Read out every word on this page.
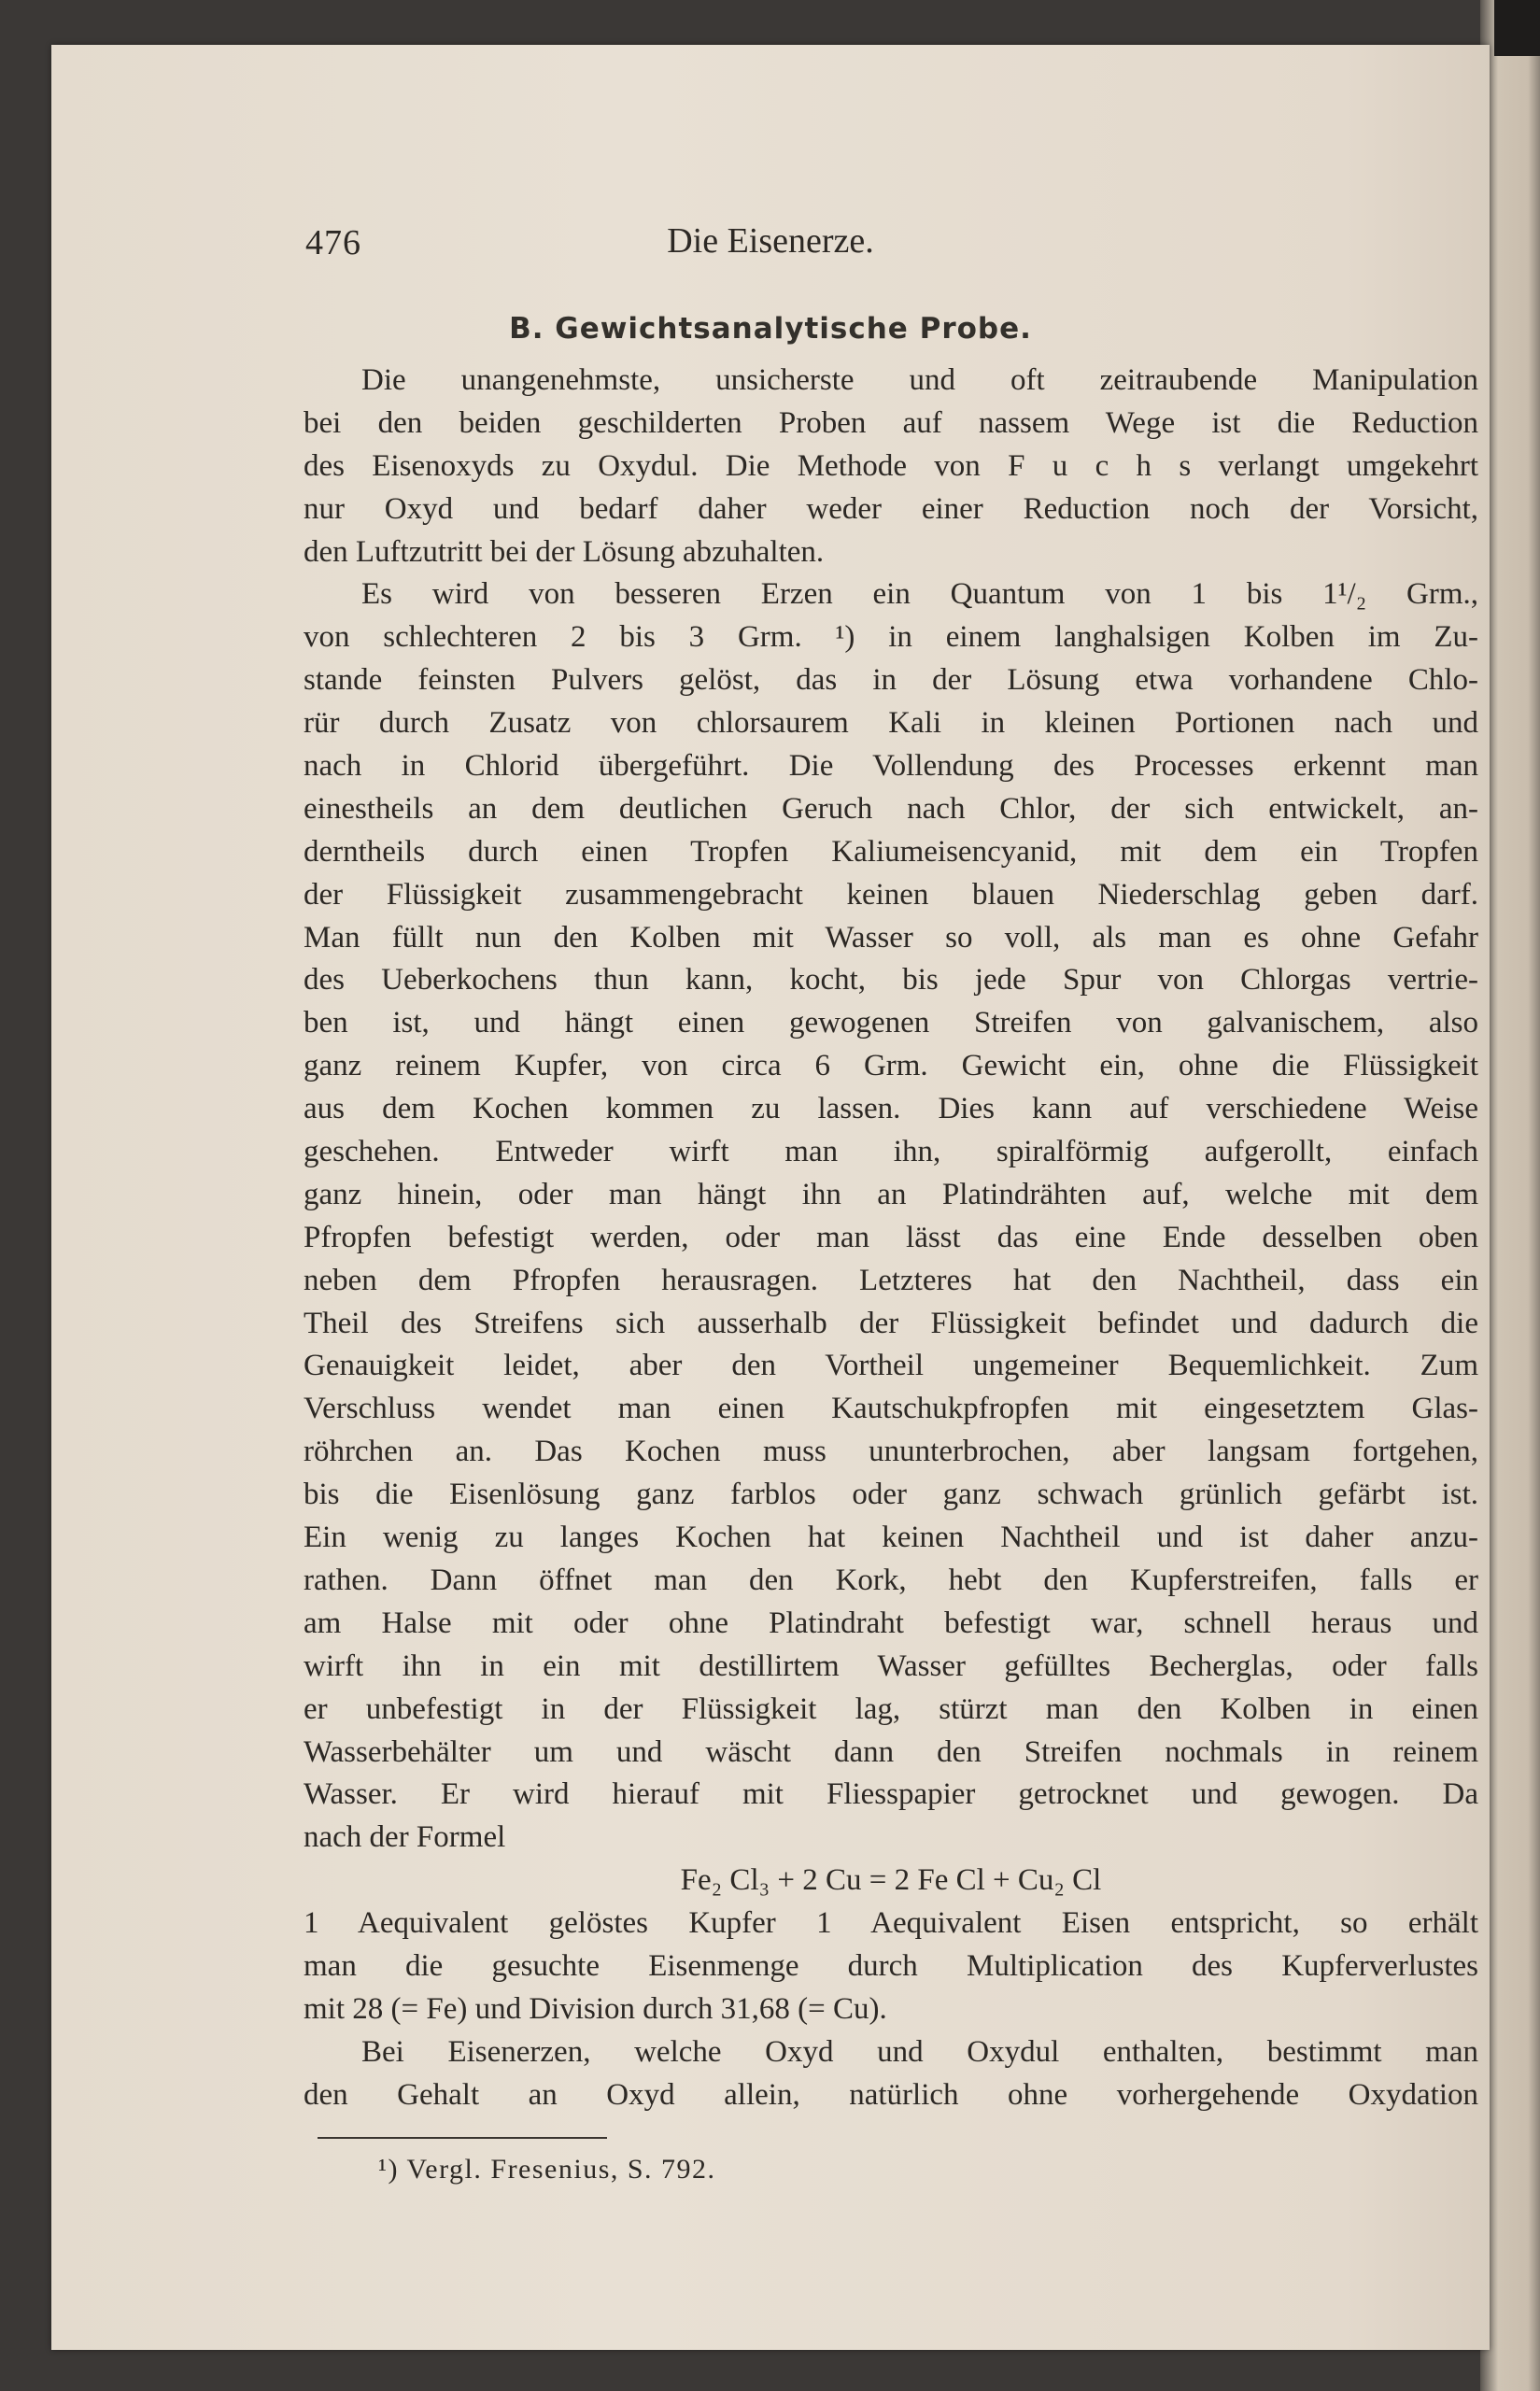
Die Eisenerze.
476
B. Gewichtsanalytische Probe.
Die unangenehmste, unsicherste und oft zeitraubende Manipulation
bei den beiden geschilderten Proben auf nassem Wege ist die Reduction
des Eisenoxyds zu Oxydul. Die Methode von F u c h s verlangt umgekehrt
nur Oxyd und bedarf daher weder einer Reduction noch der Vorsicht,
den Luftzutritt bei der Lösung abzuhalten.
Es wird von besseren Erzen ein Quantum von 1 bis 1¹/₂ Grm.,
von schlechteren 2 bis 3 Grm. ¹) in einem langhalsigen Kolben im Zu-
stande feinsten Pulvers gelöst, das in der Lösung etwa vorhandene Chlo-
rür durch Zusatz von chlorsaurem Kali in kleinen Portionen nach und
nach in Chlorid übergeführt. Die Vollendung des Processes erkennt man
einestheils an dem deutlichen Geruch nach Chlor, der sich entwickelt, an-
derntheils durch einen Tropfen Kaliumeisencyanid, mit dem ein Tropfen
der Flüssigkeit zusammengebracht keinen blauen Niederschlag geben darf.
Man füllt nun den Kolben mit Wasser so voll, als man es ohne Gefahr
des Ueberkochens thun kann, kocht, bis jede Spur von Chlorgas vertrie-
ben ist, und hängt einen gewogenen Streifen von galvanischem, also
ganz reinem Kupfer, von circa 6 Grm. Gewicht ein, ohne die Flüssigkeit
aus dem Kochen kommen zu lassen. Dies kann auf verschiedene Weise
geschehen. Entweder wirft man ihn, spiralförmig aufgerollt, einfach
ganz hinein, oder man hängt ihn an Platindrähten auf, welche mit dem
Pfropfen befestigt werden, oder man lässt das eine Ende desselben oben
neben dem Pfropfen herausragen. Letzteres hat den Nachtheil, dass ein
Theil des Streifens sich ausserhalb der Flüssigkeit befindet und dadurch die
Genauigkeit leidet, aber den Vortheil ungemeiner Bequemlichkeit. Zum
Verschluss wendet man einen Kautschukpfropfen mit eingesetztem Glas-
röhrchen an. Das Kochen muss ununterbrochen, aber langsam fortgehen,
bis die Eisenlösung ganz farblos oder ganz schwach grünlich gefärbt ist.
Ein wenig zu langes Kochen hat keinen Nachtheil und ist daher anzu-
rathen. Dann öffnet man den Kork, hebt den Kupferstreifen, falls er
am Halse mit oder ohne Platindraht befestigt war, schnell heraus und
wirft ihn in ein mit destillirtem Wasser gefülltes Becherglas, oder falls
er unbefestigt in der Flüssigkeit lag, stürzt man den Kolben in einen
Wasserbehälter um und wäscht dann den Streifen nochmals in reinem
Wasser. Er wird hierauf mit Fliesspapier getrocknet und gewogen. Da
nach der Formel
Fe₂ Cl₃ + 2 Cu = 2 Fe Cl + Cu₂ Cl
1 Aequivalent gelöstes Kupfer 1 Aequivalent Eisen entspricht, so erhält
man die gesuchte Eisenmenge durch Multiplication des Kupferverlustes
mit 28 (= Fe) und Division durch 31,68 (= Cu).
Bei Eisenerzen, welche Oxyd und Oxydul enthalten, bestimmt man
den Gehalt an Oxyd allein, natürlich ohne vorhergehende Oxydation
¹) Vergl. Fresenius, S. 792.
